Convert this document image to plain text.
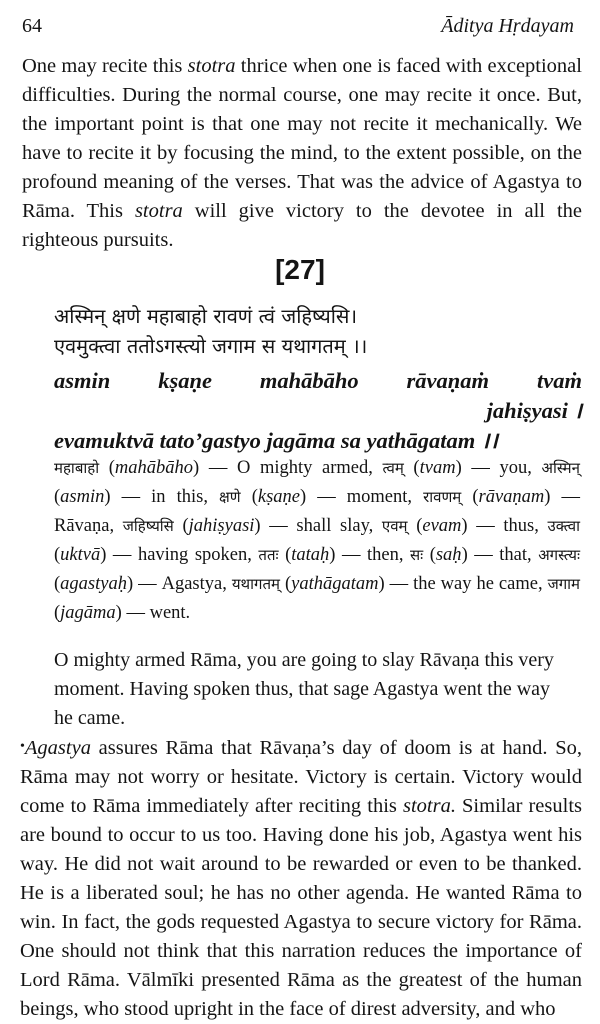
64	Āditya Hṛdayam

One may recite this stotra thrice when one is faced with exceptional difficulties. During the normal course, one may recite it once. But, the important point is that one may not recite it mechanically. We have to recite it by focusing the mind, to the extent possible, on the profound meaning of the verses. That was the advice of Agastya to Rāma. This stotra will give victory to the devotee in all the righteous pursuits.

[27]
अस्मिन् क्षणे महाबाहो रावणं त्वं जहिष्यसि।
एवमुक्त्वा ततोऽगस्त्यो जगाम स यथागतम् ।।
asmin kṣaṇe mahābāho rāvaṇaṁ tvaṁ
jahiṣyasi ।
evamuktvā tato’gastyo jagāma sa yathāgatam ।।
महाबाहो (mahābāho) — O mighty armed, त्वम् (tvam) — you, अस्मिन् (asmin) — in this, क्षणे (kṣaṇe) — moment, रावणम् (rāvaṇam) — Rāvaṇa, जहिष्यसि (jahiṣyasi) — shall slay, एवम् (evam) — thus, उक्त्वा (uktvā) — having spoken, ततः (tataḥ) — then, सः (saḥ) — that, अगस्त्यः (agastyaḥ) — Agastya, यथागतम् (yathāgatam) — the way he came, जगाम (jagāma) — went.

O mighty armed Rāma, you are going to slay Rāvaṇa this very moment. Having spoken thus, that sage Agastya went the way he came.

•Agastya assures Rāma that Rāvaṇa’s day of doom is at hand. So, Rāma may not worry or hesitate. Victory is certain. Victory would come to Rāma immediately after reciting this stotra. Similar results are bound to occur to us too. Having done his job, Agastya went his way. He did not wait around to be rewarded or even to be thanked. He is a liberated soul; he has no other agenda. He wanted Rāma to win. In fact, the gods requested Agastya to secure victory for Rāma. One should not think that this narration reduces the importance of Lord Rāma. Vālmīki presented Rāma as the greatest of the human beings, who stood upright in the face of direst adversity, and who
